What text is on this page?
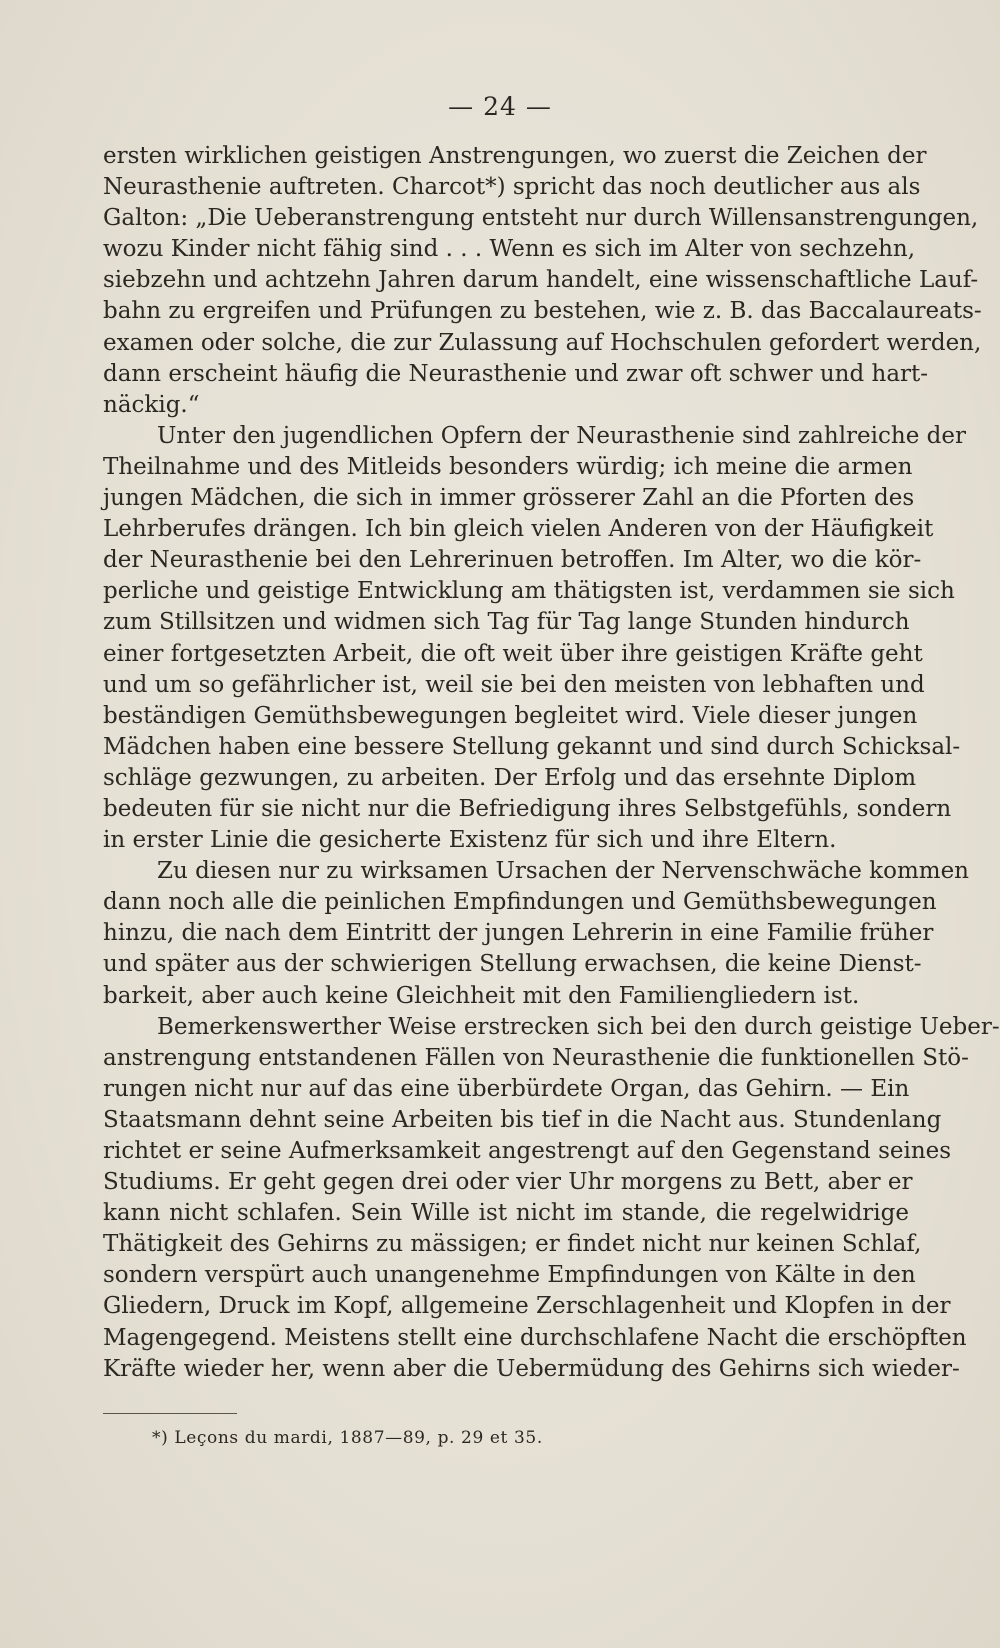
— 24 —
ersten wirklichen geistigen Anstrengungen, wo zuerst die Zeichen der
Neurasthenie auftreten. Charcot*) spricht das noch deutlicher aus als
Galton: „Die Ueberanstrengung entsteht nur durch Willensanstrengungen,
wozu Kinder nicht fähig sind . . . Wenn es sich im Alter von sechzehn,
siebzehn und achtzehn Jahren darum handelt, eine wissenschaftliche Lauf-
bahn zu ergreifen und Prüfungen zu bestehen, wie z. B. das Baccalaureats-
examen oder solche, die zur Zulassung auf Hochschulen gefordert werden,
dann erscheint häufig die Neurasthenie und zwar oft schwer und hart-
näckig.“
Unter den jugendlichen Opfern der Neurasthenie sind zahlreiche der
Theilnahme und des Mitleids besonders würdig; ich meine die armen
jungen Mädchen, die sich in immer grösserer Zahl an die Pforten des
Lehrberufes drängen. Ich bin gleich vielen Anderen von der Häufigkeit
der Neurasthenie bei den Lehrerinuen betroffen. Im Alter, wo die kör-
perliche und geistige Entwicklung am thätigsten ist, verdammen sie sich
zum Stillsitzen und widmen sich Tag für Tag lange Stunden hindurch
einer fortgesetzten Arbeit, die oft weit über ihre geistigen Kräfte geht
und um so gefährlicher ist, weil sie bei den meisten von lebhaften und
beständigen Gemüthsbewegungen begleitet wird. Viele dieser jungen
Mädchen haben eine bessere Stellung gekannt und sind durch Schicksal-
schläge gezwungen, zu arbeiten. Der Erfolg und das ersehnte Diplom
bedeuten für sie nicht nur die Befriedigung ihres Selbstgefühls, sondern
in erster Linie die gesicherte Existenz für sich und ihre Eltern.
Zu diesen nur zu wirksamen Ursachen der Nervenschwäche kommen
dann noch alle die peinlichen Empfindungen und Gemüthsbewegungen
hinzu, die nach dem Eintritt der jungen Lehrerin in eine Familie früher
und später aus der schwierigen Stellung erwachsen, die keine Dienst-
barkeit, aber auch keine Gleichheit mit den Familiengliedern ist.
Bemerkenswerther Weise erstrecken sich bei den durch geistige Ueber-
anstrengung entstandenen Fällen von Neurasthenie die funktionellen Stö-
rungen nicht nur auf das eine überbürdete Organ, das Gehirn. — Ein
Staatsmann dehnt seine Arbeiten bis tief in die Nacht aus. Stundenlang
richtet er seine Aufmerksamkeit angestrengt auf den Gegenstand seines
Studiums. Er geht gegen drei oder vier Uhr morgens zu Bett, aber er
kann nicht schlafen. Sein Wille ist nicht im stande, die regelwidrige
Thätigkeit des Gehirns zu mässigen; er findet nicht nur keinen Schlaf,
sondern verspürt auch unangenehme Empfindungen von Kälte in den
Gliedern, Druck im Kopf, allgemeine Zerschlagenheit und Klopfen in der
Magengegend. Meistens stellt eine durchschlafene Nacht die erschöpften
Kräfte wieder her, wenn aber die Uebermüdung des Gehirns sich wieder-
*) Leçons du mardi, 1887—89, p. 29 et 35.
